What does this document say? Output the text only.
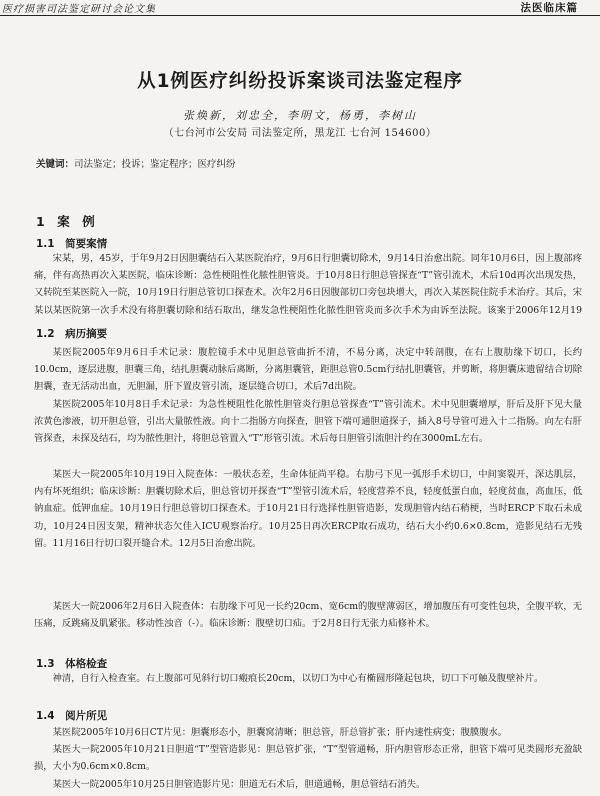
医疗损害司法鉴定研讨会论文集	法医临床篇
从1例医疗纠纷投诉案谈司法鉴定程序
张焕新，刘忠全，李明文，杨勇，李树山
（七台河市公安局 司法鉴定所，黑龙江 七台河 154600）
关键词：司法鉴定；投诉；鉴定程序；医疗纠纷
1　案　例
1.1　简要案情

宋某，男，45岁，于年9月2日因胆囊结石入某医院治疗，9月6日行胆囊切除术，9月14日治愈出院。同年10月6日，因上腹部疼痛，伴有高热再次入某医院，临床诊断：急性梗阻性化脓性胆管炎。于10月8日行胆总管探查“T”管引流术，术后10d再次出现发热，又转院至某医院入一院，10月19日行胆总管切口探查术。次年2月6日因腹部切口旁包块增大，再次入某医院住院手术治疗。其后，宋某以某医院第一次手术没有将胆囊切除和结石取出，继发急性梗阻性化脓性胆管炎而多次手术为由诉至法院。该案于2006年12月19

1.2　病历摘要

某医院2005年9月6日手术记录：腹腔镜手术中见胆总管曲折不清，不易分离，决定中转剖腹，在右上腹肋缘下切口，长约10.0cm，逐层进腹，胆囊三角，结扎胆囊动脉后离断，分离胆囊管，距胆总管0.5cm行结扎胆囊管，并剪断，将胆囊床遗留结合切除胆囊，查无活动出血，无胆漏，肝下置皮管引流，逐层缝合切口，术后7d出院。

某医院2005年10月8日手术记录：为急性梗阻性化脓性胆管炎行胆总管探查“T”管引流术。术中见胆囊增厚，肝后及肝下见大量浓黄色渗液，切开胆总管，引出大量脓性液。向十二指肠方向探查，胆管下端可通胆道探子，插入8号导管可进入十二指肠。向左右肝管探查，未探及结石，均为脓性胆汁，将胆总管置入“T”形管引流。术后每日胆管引流胆汁约在3000mL左右。

某医大一院2005年10月19日入院查体：一般状态差，生命体征尚平稳。右肋弓下见一弧形手术切口，中间窦裂开，深达肌层，内有坏死组织；临床诊断：胆囊切除术后，胆总管切开探查“T”型管引流术后，轻度营养不良，轻度低蛋白血，轻度贫血，高血压，低钠血症。低钾血症。10月19日行胆总管切口探查术。于10月21日行选择性胆管造影，发现胆管内结石稍梗，当时ERCP下取石未成功，10月24日因支架，精神状态欠佳入ICU观察治疗。10月25日再次ERCP取石成功，结石大小约0.6×0.8cm，造影见结石无残留。11月16日行切口裂开缝合术。12月5日治愈出院。

某医大一院2006年2月6日入院查体：右肋缘下可见一长约20cm、宽6cm的腹壁薄弱区，增加腹压有可变性包块，全腹平软，无压痛，反跳痛及肌紧张。移动性浊音（-）。临床诊断：腹壁切口疝。于2月8日行无张力疝修补术。

1.3　体格检查

神清，自行入检查室。右上腹部可见斜行切口瘢痕长20cm，以切口为中心有椭圆形隆起包块，切口下可触及腹壁补片。

1.4　阅片所见

某医院2005年10月6日CT片见：胆囊形态小，胆囊窝清晰；胆总管，肝总管扩张；肝内速性病变；腹膜腹水。

某医大一院2005年10月21日胆道“T”型管造影见：胆总管扩张，“T”型管通畅，肝内胆管形态正常，胆管下端可见类圆形充盈缺损，大小为0.6cm×0.8cm。

某医大一院2005年10月25日胆管造影片见：胆道无石术后，胆道通畅，胆总管结石消失。
